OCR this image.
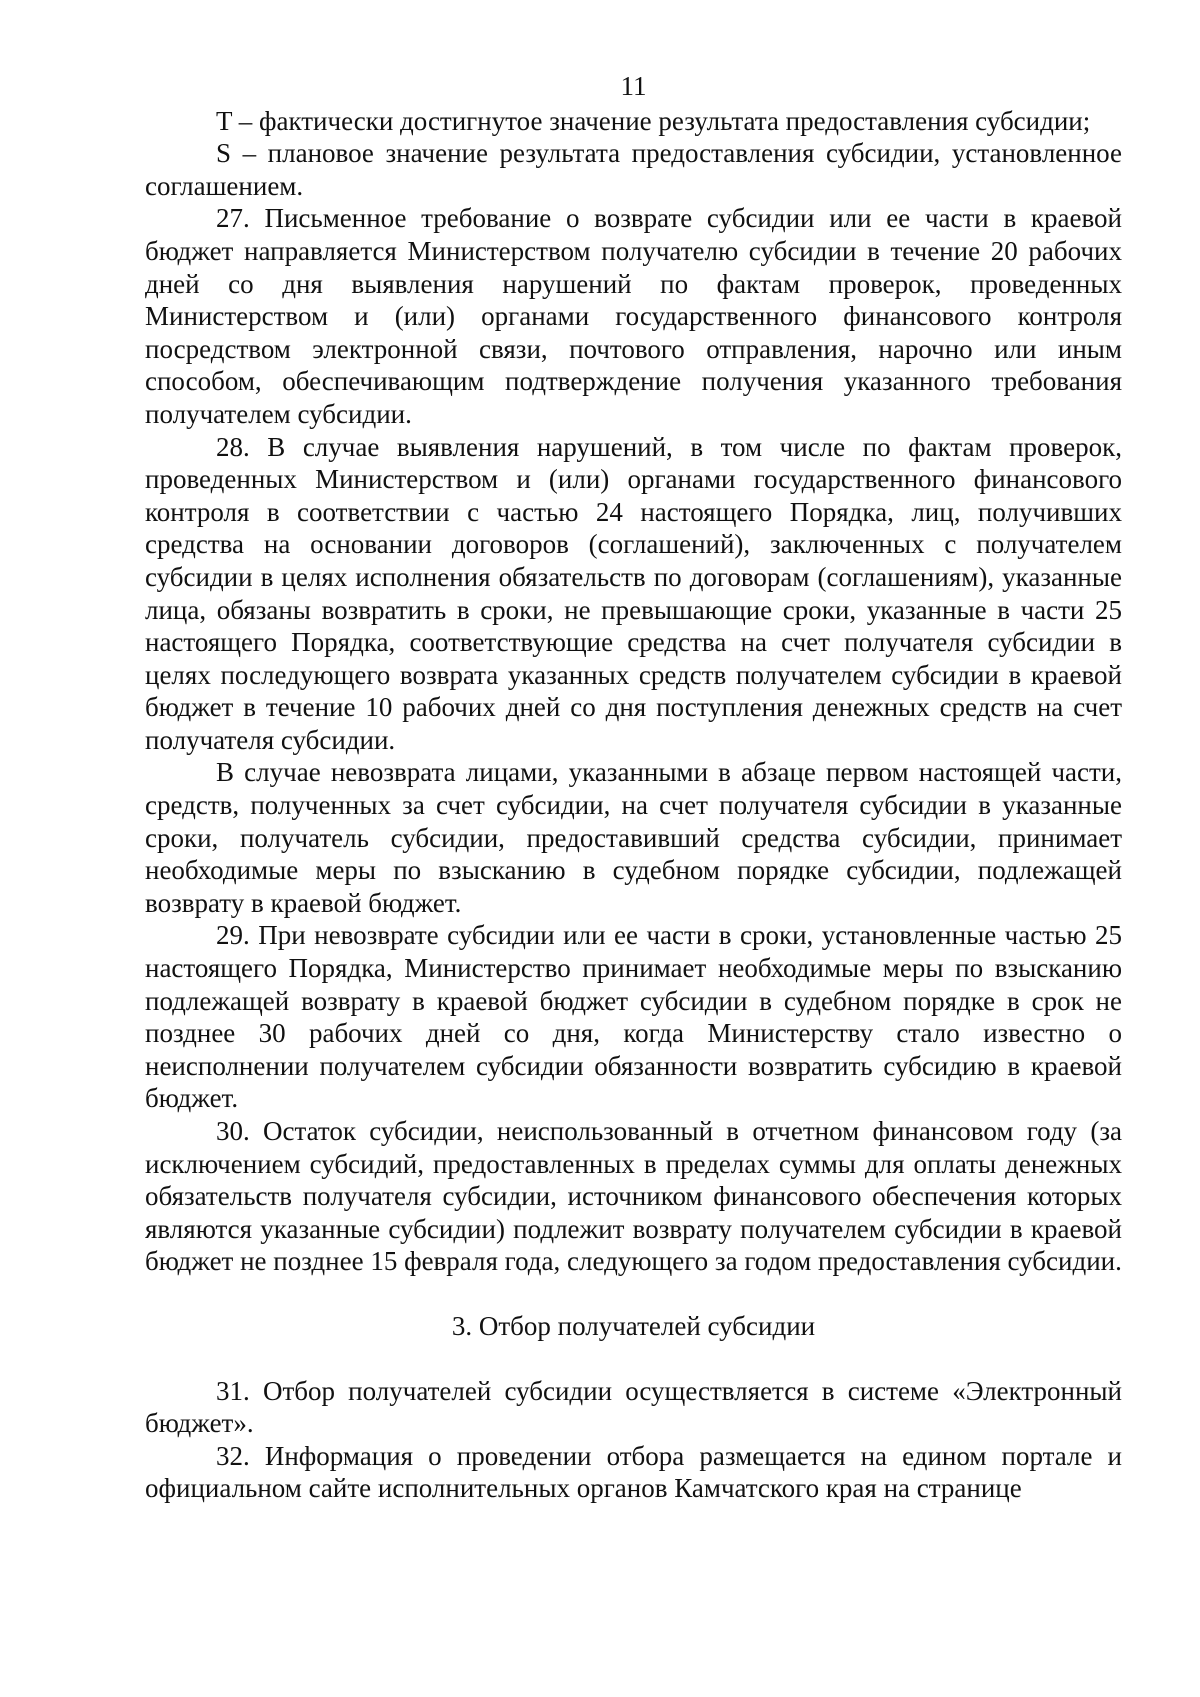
11

T – фактически достигнутое значение результата предоставления субсидии;

S – плановое значение результата предоставления субсидии, установленное соглашением.

27. Письменное требование о возврате субсидии или ее части в краевой бюджет направляется Министерством получателю субсидии в течение 20 рабочих дней со дня выявления нарушений по фактам проверок, проведенных Министерством и (или) органами государственного финансового контроля посредством электронной связи, почтового отправления, нарочно или иным способом, обеспечивающим подтверждение получения указанного требования получателем субсидии.

28. В случае выявления нарушений, в том числе по фактам проверок, проведенных Министерством и (или) органами государственного финансового контроля в соответствии с частью 24 настоящего Порядка, лиц, получивших средства на основании договоров (соглашений), заключенных с получателем субсидии в целях исполнения обязательств по договорам (соглашениям), указанные лица, обязаны возвратить в сроки, не превышающие сроки, указанные в части 25 настоящего Порядка, соответствующие средства на счет получателя субсидии в целях последующего возврата указанных средств получателем субсидии в краевой бюджет в течение 10 рабочих дней со дня поступления денежных средств на счет получателя субсидии.

В случае невозврата лицами, указанными в абзаце первом настоящей части, средств, полученных за счет субсидии, на счет получателя субсидии в указанные сроки, получатель субсидии, предоставивший средства субсидии, принимает необходимые меры по взысканию в судебном порядке субсидии, подлежащей возврату в краевой бюджет.

29. При невозврате субсидии или ее части в сроки, установленные частью 25 настоящего Порядка, Министерство принимает необходимые меры по взысканию подлежащей возврату в краевой бюджет субсидии в судебном порядке в срок не позднее 30 рабочих дней со дня, когда Министерству стало известно о неисполнении получателем субсидии обязанности возвратить субсидию в краевой бюджет.

30. Остаток субсидии, неиспользованный в отчетном финансовом году (за исключением субсидий, предоставленных в пределах суммы для оплаты денежных обязательств получателя субсидии, источником финансового обеспечения которых являются указанные субсидии) подлежит возврату получателем субсидии в краевой бюджет не позднее 15 февраля года, следующего за годом предоставления субсидии.

3. Отбор получателей субсидии

31. Отбор получателей субсидии осуществляется в системе «Электронный бюджет».

32. Информация о проведении отбора размещается на едином портале и официальном сайте исполнительных органов Камчатского края на странице
